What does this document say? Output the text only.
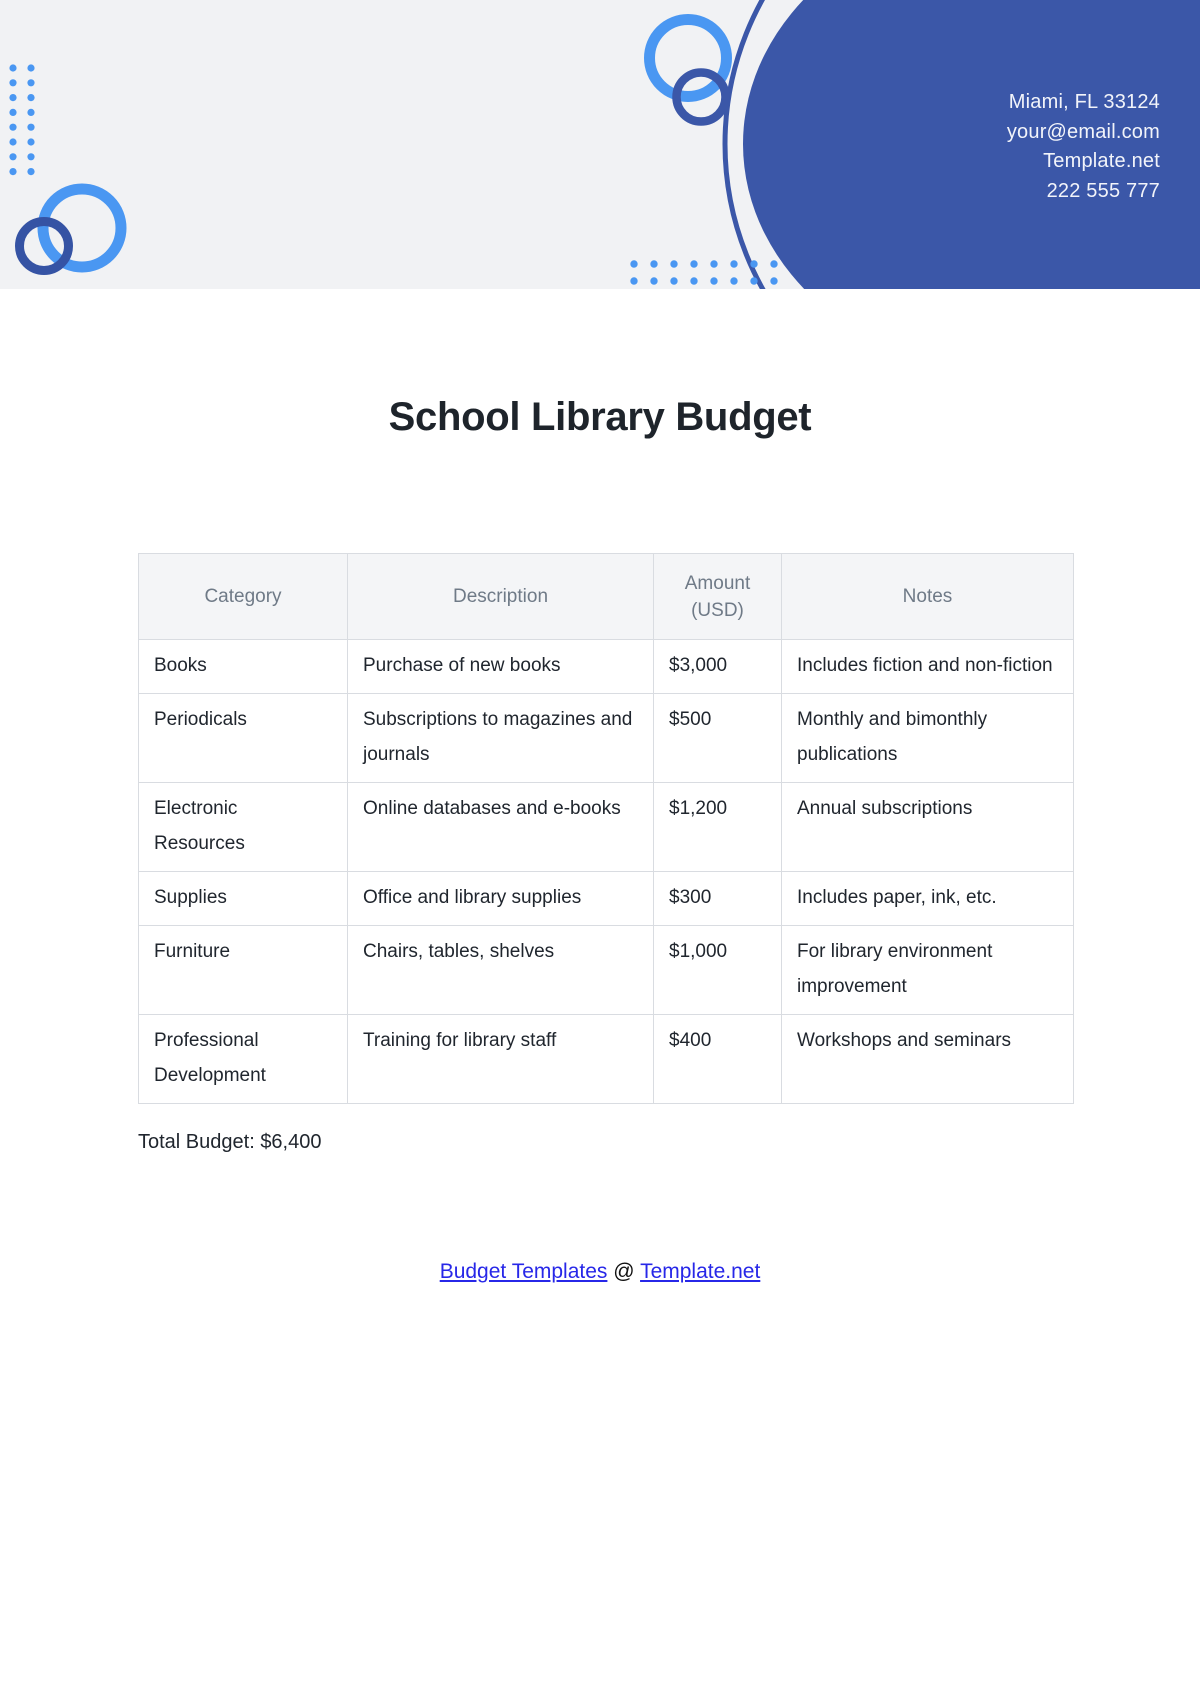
Miami, FL 33124
your@email.com
Template.net
222 555 777
School Library Budget
Category	Description	Amount (USD)	Notes
Books	Purchase of new books	$3,000	Includes fiction and non-fiction
Periodicals	Subscriptions to magazines and journals	$500	Monthly and bimonthly publications
Electronic Resources	Online databases and e-books	$1,200	Annual subscriptions
Supplies	Office and library supplies	$300	Includes paper, ink, etc.
Furniture	Chairs, tables, shelves	$1,000	For library environment improvement
Professional Development	Training for library staff	$400	Workshops and seminars

Total Budget: $6,400

Budget Templates @ Template.net
